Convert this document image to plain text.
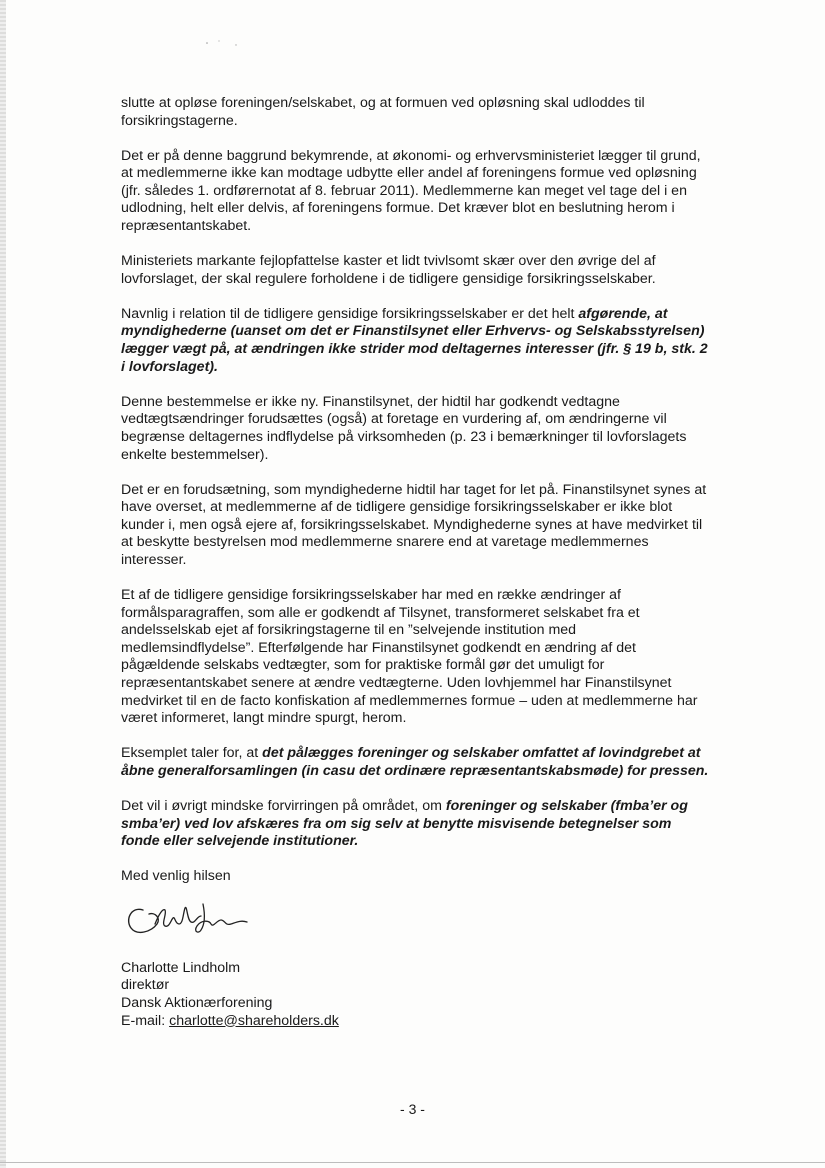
slutte at opløse foreningen/selskabet, og at formuen ved opløsning skal udloddes til forsikringstagerne.

Det er på denne baggrund bekymrende, at økonomi- og erhvervsministeriet lægger til grund, at medlemmerne ikke kan modtage udbytte eller andel af foreningens formue ved opløsning (jfr. således 1. ordførernotat af 8. februar 2011). Medlemmerne kan meget vel tage del i en udlodning, helt eller delvis, af foreningens formue. Det kræver blot en beslutning herom i repræsentantskabet.

Ministeriets markante fejlopfattelse kaster et lidt tvivlsomt skær over den øvrige del af lovforslaget, der skal regulere forholdene i de tidligere gensidige forsikringsselskaber.

Navnlig i relation til de tidligere gensidige forsikringsselskaber er det helt afgørende, at myndighederne (uanset om det er Finanstilsynet eller Erhvervs- og Selskabsstyrelsen) lægger vægt på, at ændringen ikke strider mod deltagernes interesser (jfr. § 19 b, stk. 2 i lovforslaget).

Denne bestemmelse er ikke ny. Finanstilsynet, der hidtil har godkendt vedtagne vedtægtsændringer forudsættes (også) at foretage en vurdering af, om ændringerne vil begrænse deltagernes indflydelse på virksomheden (p. 23 i bemærkninger til lovforslagets enkelte bestemmelser).

Det er en forudsætning, som myndighederne hidtil har taget for let på. Finanstilsynet synes at have overset, at medlemmerne af de tidligere gensidige forsikringsselskaber er ikke blot kunder i, men også ejere af, forsikringsselskabet. Myndighederne synes at have medvirket til at beskytte bestyrelsen mod medlemmerne snarere end at varetage medlemmernes interesser.

Et af de tidligere gensidige forsikringsselskaber har med en række ændringer af formålsparagraffen, som alle er godkendt af Tilsynet, transformeret selskabet fra et andelsselskab ejet af forsikringstagerne til en ”selvejende institution med medlemsindflydelse”. Efterfølgende har Finanstilsynet godkendt en ændring af det pågældende selskabs vedtægter, som for praktiske formål gør det umuligt for repræsentantskabet senere at ændre vedtægterne. Uden lovhjemmel har Finanstilsynet medvirket til en de facto konfiskation af medlemmernes formue – uden at medlemmerne har været informeret, langt mindre spurgt, herom.

Eksemplet taler for, at det pålægges foreninger og selskaber omfattet af lovindgrebet at åbne generalforsamlingen (in casu det ordinære repræsentantskabsmøde) for pressen.

Det vil i øvrigt mindske forvirringen på området, om foreninger og selskaber (fmba’er og smba’er) ved lov afskæres fra om sig selv at benytte misvisende betegnelser som fonde eller selvejende institutioner.

Med venlig hilsen

Charlotte Lindholm

direktør

Dansk Aktionærforening

E-mail: charlotte@shareholders.dk

- 3 -
